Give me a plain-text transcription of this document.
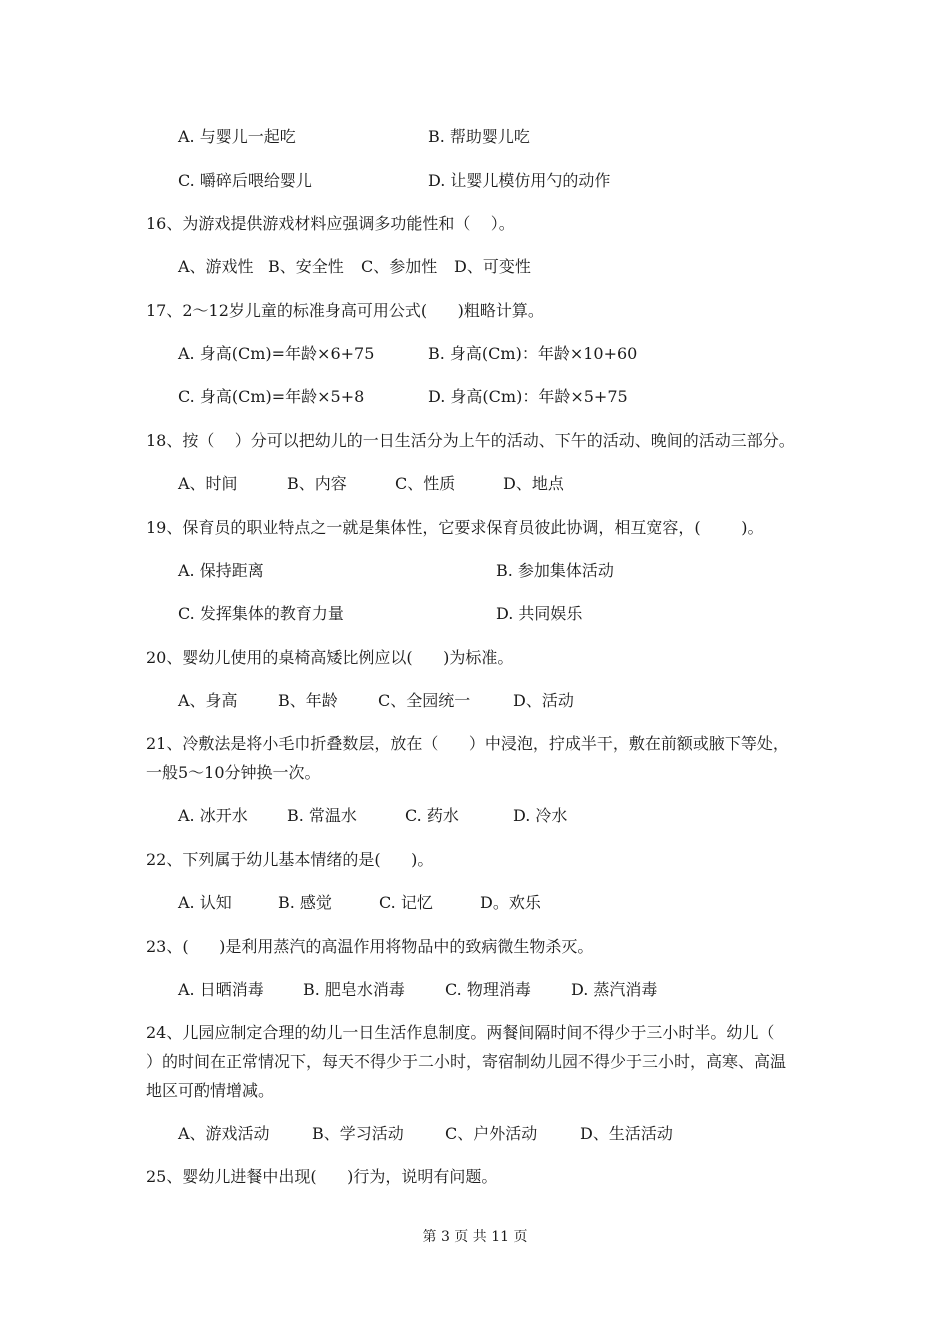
A. 与婴儿一起吃	B. 帮助婴儿吃
C. 嚼碎后喂给婴儿	D. 让婴儿模仿用勺的动作
16、为游戏提供游戏材料应强调多功能性和（    ）。
A、游戏性 B、安全性 C、参加性 D、可变性
17、2～12岁儿童的标准身高可用公式(      )粗略计算。
A. 身高(Cm)=年龄×6+75	B. 身高(Cm)：年龄×10+60
C. 身高(Cm)=年龄×5+8	D. 身高(Cm)：年龄×5+75
18、按（    ）分可以把幼儿的一日生活分为上午的活动、下午的活动、晚间的活动三部分。
A、时间	B、内容	C、性质	D、地点
19、保育员的职业特点之一就是集体性，它要求保育员彼此协调，相互宽容，(        )。
A. 保持距离	B. 参加集体活动
C. 发挥集体的教育力量	D. 共同娱乐
20、婴幼儿使用的桌椅高矮比例应以(      )为标准。
A、身高	B、年龄	C、全园统一	D、活动
21、冷敷法是将小毛巾折叠数层，放在（      ）中浸泡，拧成半干，敷在前额或腋下等处，
一般5～10分钟换一次。
A. 冰开水 B. 常温水	C. 药水	D. 冷水
22、下列属于幼儿基本情绪的是(      )。
A. 认知	B. 感觉	C. 记忆	D。欢乐
23、(      )是利用蒸汽的高温作用将物品中的致病微生物杀灭。
A. 日晒消毒 B. 肥皂水消毒	C. 物理消毒	D. 蒸汽消毒
24、儿园应制定合理的幼儿一日生活作息制度。两餐间隔时间不得少于三小时半。幼儿（
）的时间在正常情况下，每天不得少于二小时，寄宿制幼儿园不得少于三小时，高寒、高温
地区可酌情增减。
A、游戏活动	B、学习活动	C、户外活动	D、生活活动
25、婴幼儿进餐中出现(      )行为，说明有问题。
第 3 页 共 11 页
